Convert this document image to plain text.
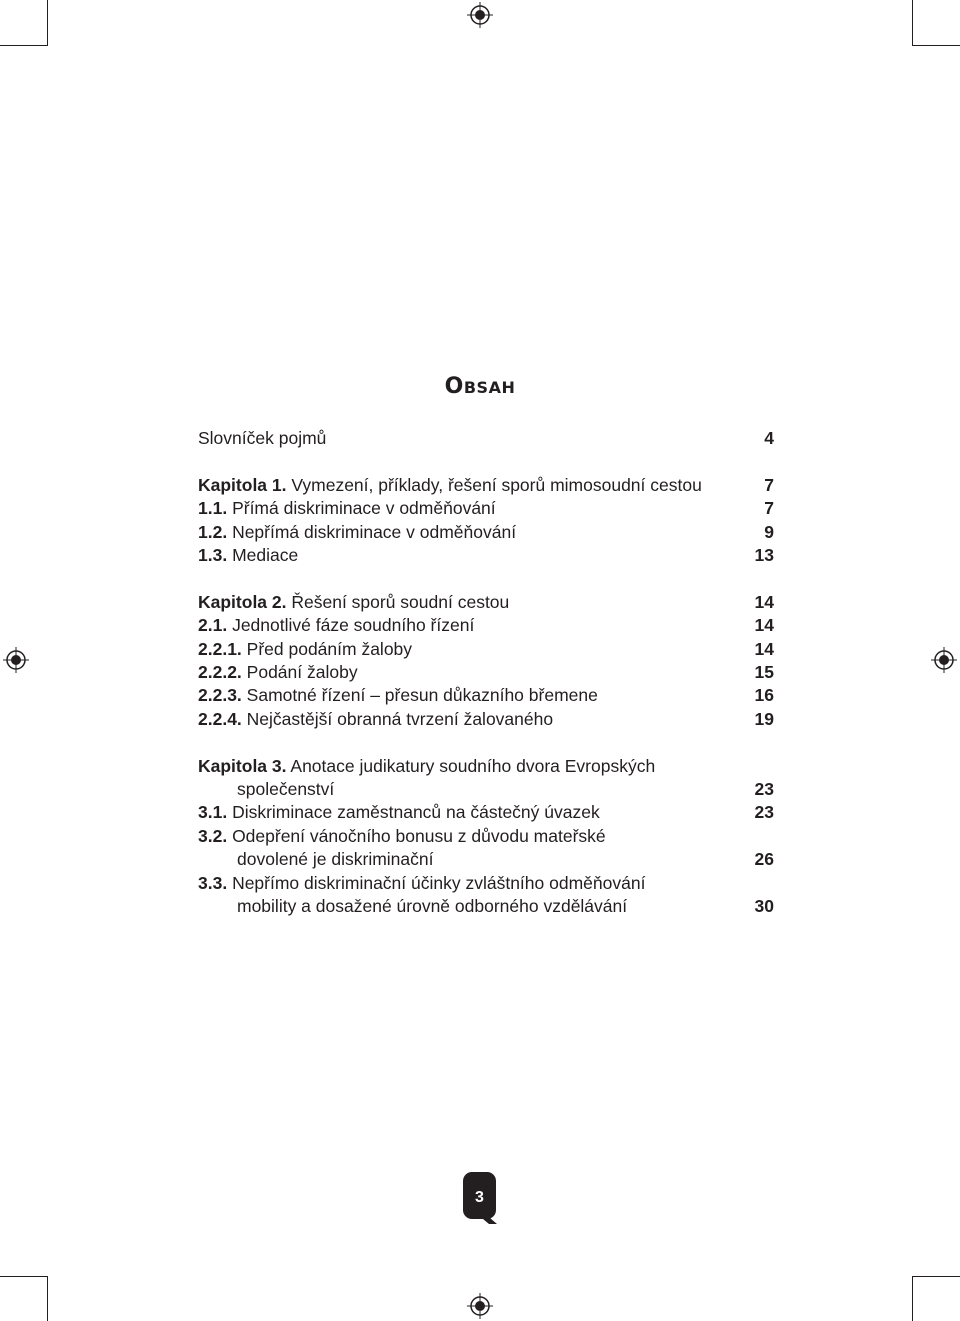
OBSAH
Slovníček pojmů	4
Kapitola 1. Vymezení, příklady, řešení sporů mimosoudní cestou	7
1.1. Přímá diskriminace v odměňování	7
1.2. Nepřímá diskriminace v odměňování	9
1.3. Mediace	13
Kapitola 2. Řešení sporů soudní cestou	14
2.1. Jednotlivé fáze soudního řízení	14
2.2.1. Před podáním žaloby	14
2.2.2. Podání žaloby	15
2.2.3. Samotné řízení – přesun důkazního břemene	16
2.2.4. Nejčastější obranná tvrzení žalovaného	19
Kapitola 3. Anotace judikatury soudního dvora Evropských
společenství	23
3.1. Diskriminace zaměstnanců na částečný úvazek	23
3.2. Odepření vánočního bonusu z důvodu mateřské
dovolené je diskriminační	26
3.3. Nepřímo diskriminační účinky zvláštního odměňování
mobility a dosažené úrovně odborného vzdělávání	30
3
